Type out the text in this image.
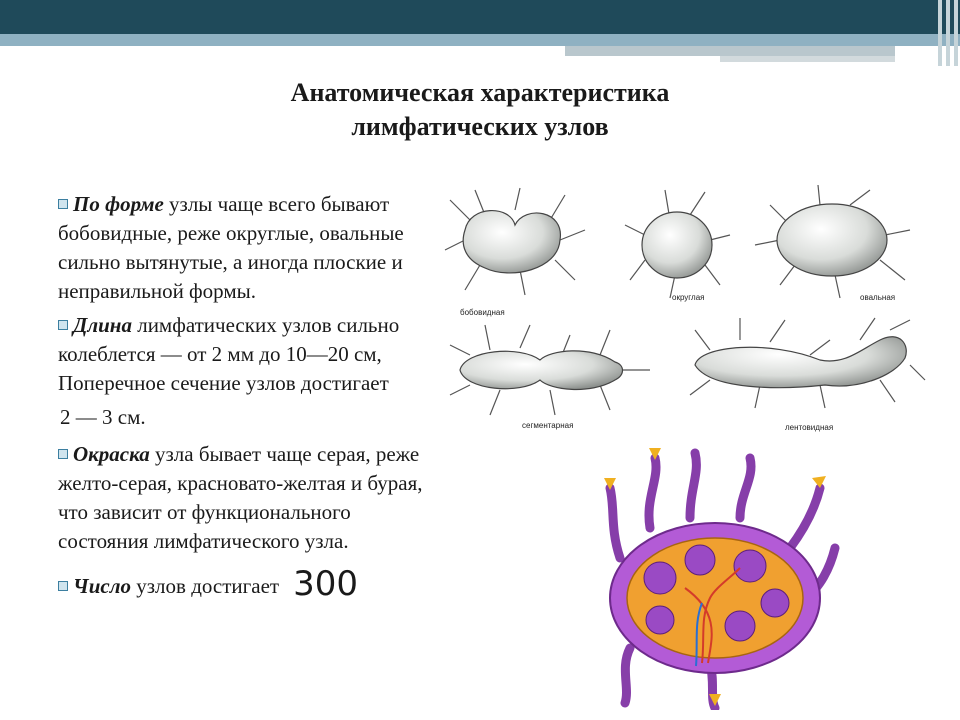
Анатомическая характеристика
лимфатических узлов

По форме узлы чаще всего бывают бобовидные, реже округлые, овальные сильно вытянутые, а иногда плоские и неправильной формы.

Длина лимфатических узлов сильно колеблется — от 2 мм до 10—20 см, Поперечное сечение узлов достигает

2 — 3 см.

Окраска узла бывает чаще серая, реже желто-серая, красновато-желтая и бурая, что зависит от функционального состояния лимфатического узла.

Число узлов достигает 300

бобовидная
округлая	овальная
сегментарная	лентовидная
